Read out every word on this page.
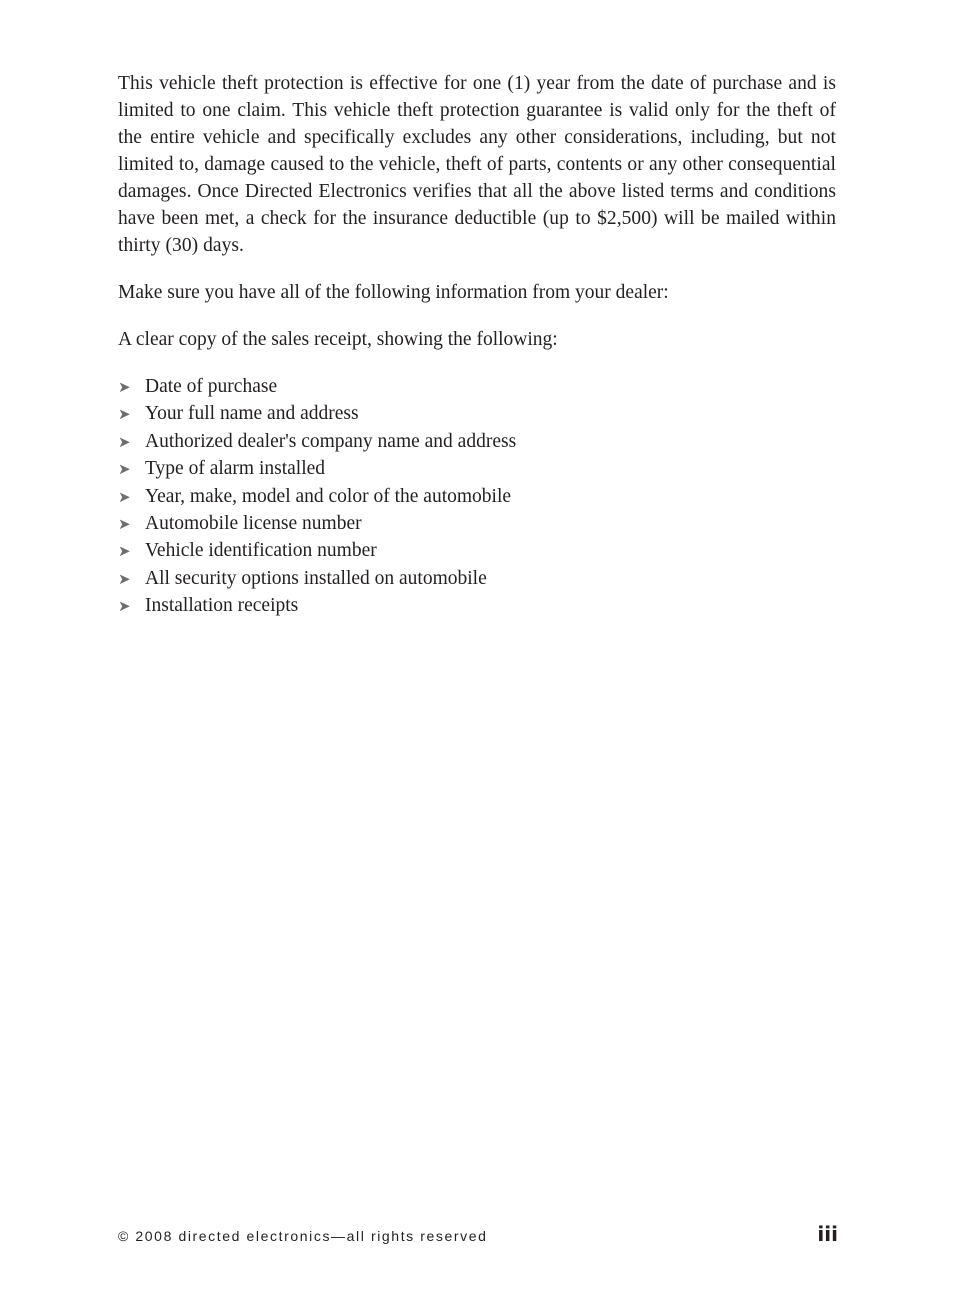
This vehicle theft protection is effective for one (1) year from the date of purchase and is limited to one claim. This vehicle theft protection guarantee is valid only for the theft of the entire vehicle and specifically excludes any other considerations, including, but not limited to, damage caused to the vehicle, theft of parts, contents or any other consequential damages. Once Directed Electronics verifies that all the above listed terms and conditions have been met, a check for the insurance deductible (up to $2,500) will be mailed within thirty (30) days.

Make sure you have all of the following information from your dealer:

A clear copy of the sales receipt, showing the following:

➤ Date of purchase
➤ Your full name and address
➤ Authorized dealer's company name and address
➤ Type of alarm installed
➤ Year, make, model and color of the automobile
➤ Automobile license number
➤ Vehicle identification number
➤ All security options installed on automobile
➤ Installation receipts
© 2008 directed electronics—all rights reserved	iii
